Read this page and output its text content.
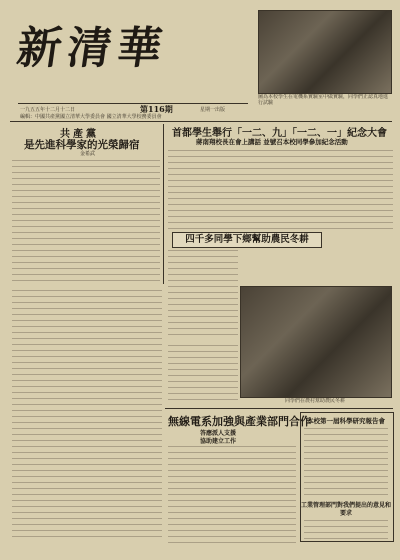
新清華
圖為本校學生在電機系實驗室中做實驗，同學們正認真地進行試驗
一九五五年十二月十二日	第116期	星期一出版
編輯：中國共產黨國立清華大學委員會 國立清華大學校務委員會
共產黨
是先進科學家的光榮歸宿
金希武
首都學生舉行「一二、九」「一二、一」紀念大會
蔣南翔校長在會上講話 並號召本校同學參加紀念活動
四千多同學下鄉幫助農民冬耕
同學們在農村幫助農民冬耕
無線電系加強與產業部門合作
答應派人支援
協助建立工作
本校第一屆科學研究報告會
工業管理部門對我們提出的意見和要求
